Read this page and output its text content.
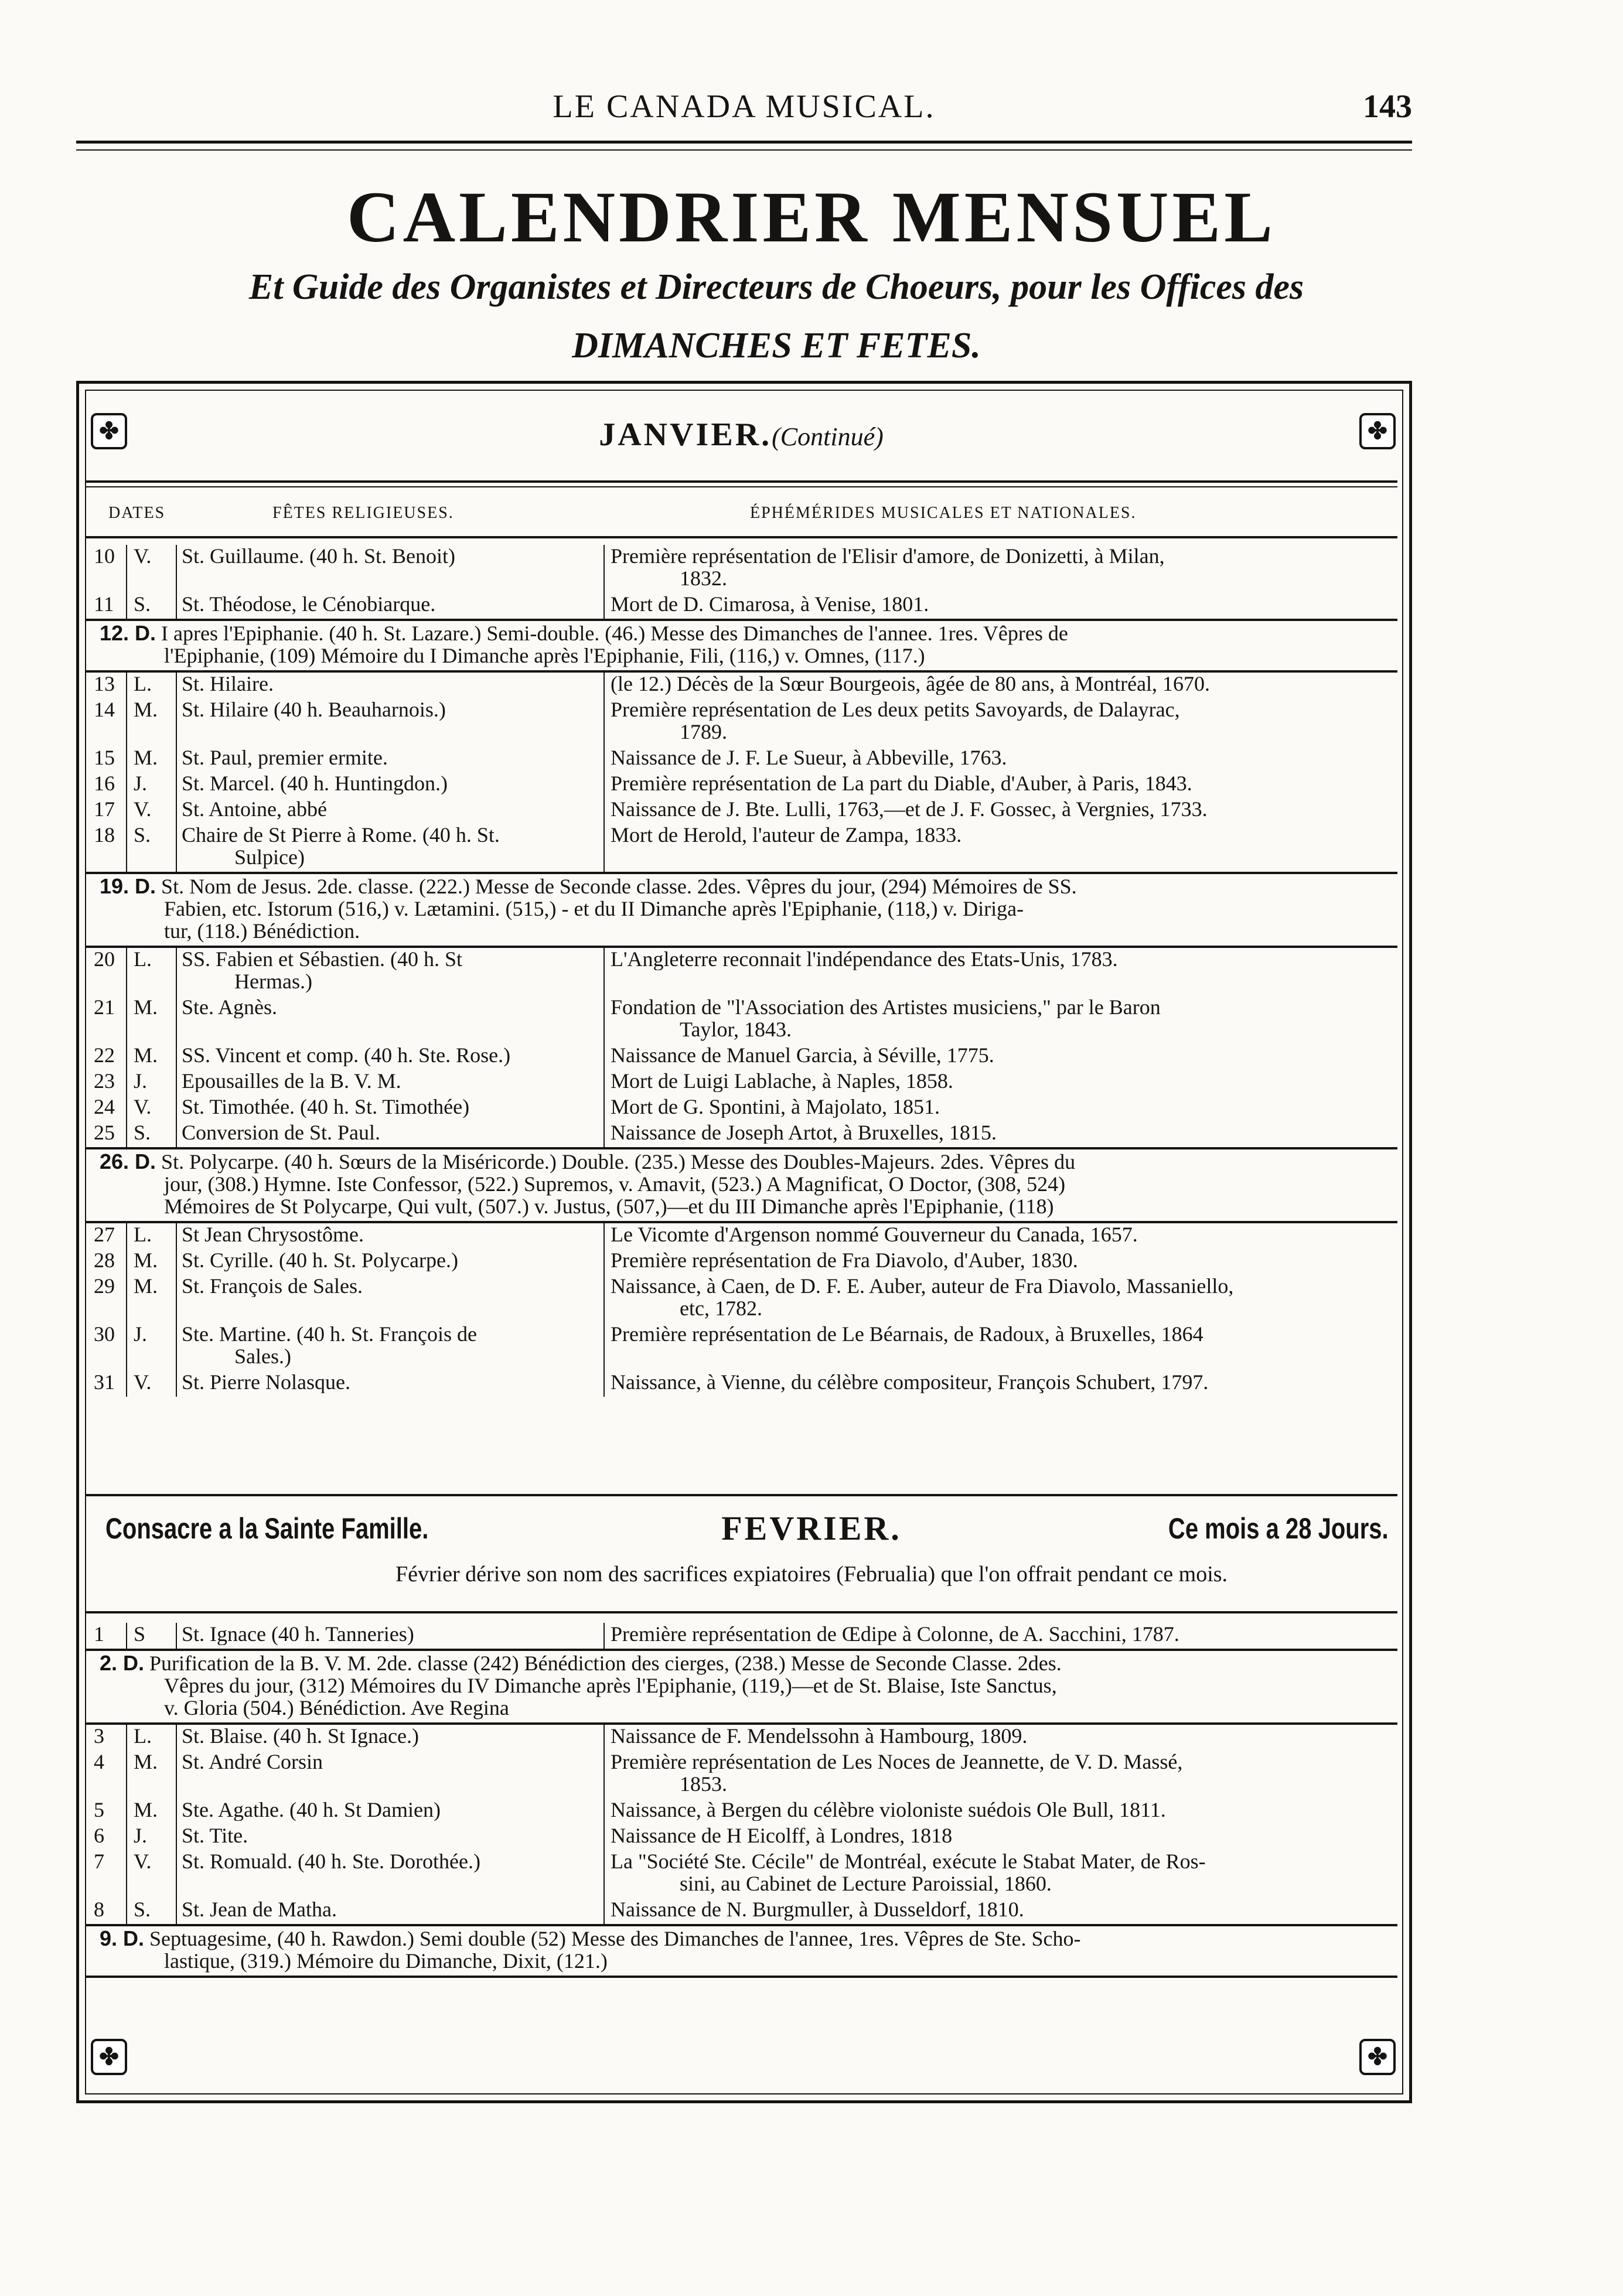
LE CANADA MUSICAL.	143
CALENDRIER MENSUEL
Et Guide des Organistes et Directeurs de Choeurs, pour les Offices des
DIMANCHES ET FETES.
✤	✤
✤	✤
JANVIER.(Continué)
DATES	FÊTES RELIGIEUSES.	ÉPHÉMÉRIDES MUSICALES ET NATIONALES.
10 V. St. Guillaume. (40 h. St. Benoit)	Première représentation de l'Elisir d'amore, de Donizetti, à Milan,
1832.
11 S. St. Théodose, le Cénobiarque.	Mort de D. Cimarosa, à Venise, 1801.
12. D. I apres l'Epiphanie. (40 h. St. Lazare.) Semi-double. (46.) Messe des Dimanches de l'annee. 1res. Vêpres de
l'Epiphanie, (109) Mémoire du I Dimanche après l'Epiphanie, Fili, (116,) v. Omnes, (117.)
13 L. St. Hilaire.	(le 12.) Décès de la Sœur Bourgeois, âgée de 80 ans, à Montréal, 1670.
14 M. St. Hilaire (40 h. Beauharnois.)	Première représentation de Les deux petits Savoyards, de Dalayrac,
1789.
15 M. St. Paul, premier ermite.	Naissance de J. F. Le Sueur, à Abbeville, 1763.
16 J. St. Marcel. (40 h. Huntingdon.)	Première représentation de La part du Diable, d'Auber, à Paris, 1843.
17 V. St. Antoine, abbé	Naissance de J. Bte. Lulli, 1763,—et de J. F. Gossec, à Vergnies, 1733.
18 S. Chaire de St Pierre à Rome. (40 h. St.	Mort de Herold, l'auteur de Zampa, 1833.
Sulpice)
19. D. St. Nom de Jesus. 2de. classe. (222.) Messe de Seconde classe. 2des. Vêpres du jour, (294) Mémoires de SS.
Fabien, etc. Istorum (516,) v. Lætamini. (515,) - et du II Dimanche après l'Epiphanie, (118,) v. Diriga-
tur, (118.) Bénédiction.
20 L. SS. Fabien et Sébastien. (40 h. St	L'Angleterre reconnait l'indépendance des Etats-Unis, 1783.
Hermas.)
21 M. Ste. Agnès.	Fondation de "l'Association des Artistes musiciens," par le Baron
Taylor, 1843.
22 M. SS. Vincent et comp. (40 h. Ste. Rose.)	Naissance de Manuel Garcia, à Séville, 1775.
23 J. Epousailles de la B. V. M.	Mort de Luigi Lablache, à Naples, 1858.
24 V. St. Timothée. (40 h. St. Timothée)	Mort de G. Spontini, à Majolato, 1851.
25 S. Conversion de St. Paul.	Naissance de Joseph Artot, à Bruxelles, 1815.
26. D. St. Polycarpe. (40 h. Sœurs de la Miséricorde.) Double. (235.) Messe des Doubles-Majeurs. 2des. Vêpres du
jour, (308.) Hymne. Iste Confessor, (522.) Supremos, v. Amavit, (523.) A Magnificat, O Doctor, (308, 524)
Mémoires de St Polycarpe, Qui vult, (507.) v. Justus, (507,)—et du III Dimanche après l'Epiphanie, (118)
27 L. St Jean Chrysostôme.	Le Vicomte d'Argenson nommé Gouverneur du Canada, 1657.
28 M. St. Cyrille. (40 h. St. Polycarpe.)	Première représentation de Fra Diavolo, d'Auber, 1830.
29 M. St. François de Sales.	Naissance, à Caen, de D. F. E. Auber, auteur de Fra Diavolo, Massaniello,
etc, 1782.
30 J. Ste. Martine. (40 h. St. François de	Première représentation de Le Béarnais, de Radoux, à Bruxelles, 1864
Sales.)
31 V. St. Pierre Nolasque.	Naissance, à Vienne, du célèbre compositeur, François Schubert, 1797.
Consacre a la Sainte Famille.	FEVRIER.	Ce mois a 28 Jours.
Février dérive son nom des sacrifices expiatoires (Februalia) que l'on offrait pendant ce mois.
1 S St. Ignace (40 h. Tanneries)	Première représentation de Œdipe à Colonne, de A. Sacchini, 1787.
2. D. Purification de la B. V. M. 2de. classe (242) Bénédiction des cierges, (238.) Messe de Seconde Classe. 2des.
Vêpres du jour, (312) Mémoires du IV Dimanche après l'Epiphanie, (119,)—et de St. Blaise, Iste Sanctus,
v. Gloria (504.) Bénédiction. Ave Regina
3 L. St. Blaise. (40 h. St Ignace.)	Naissance de F. Mendelssohn à Hambourg, 1809.
4 M. St. André Corsin	Première représentation de Les Noces de Jeannette, de V. D. Massé,
1853.
5 M. Ste. Agathe. (40 h. St Damien)	Naissance, à Bergen du célèbre violoniste suédois Ole Bull, 1811.
6 J. St. Tite.	Naissance de H Eicolff, à Londres, 1818
7 V. St. Romuald. (40 h. Ste. Dorothée.)	La "Société Ste. Cécile" de Montréal, exécute le Stabat Mater, de Ros-
sini, au Cabinet de Lecture Paroissial, 1860.
8 S. St. Jean de Matha.	Naissance de N. Burgmuller, à Dusseldorf, 1810.
9. D. Septuagesime, (40 h. Rawdon.) Semi double (52) Messe des Dimanches de l'annee, 1res. Vêpres de Ste. Scho-
lastique, (319.) Mémoire du Dimanche, Dixit, (121.)
